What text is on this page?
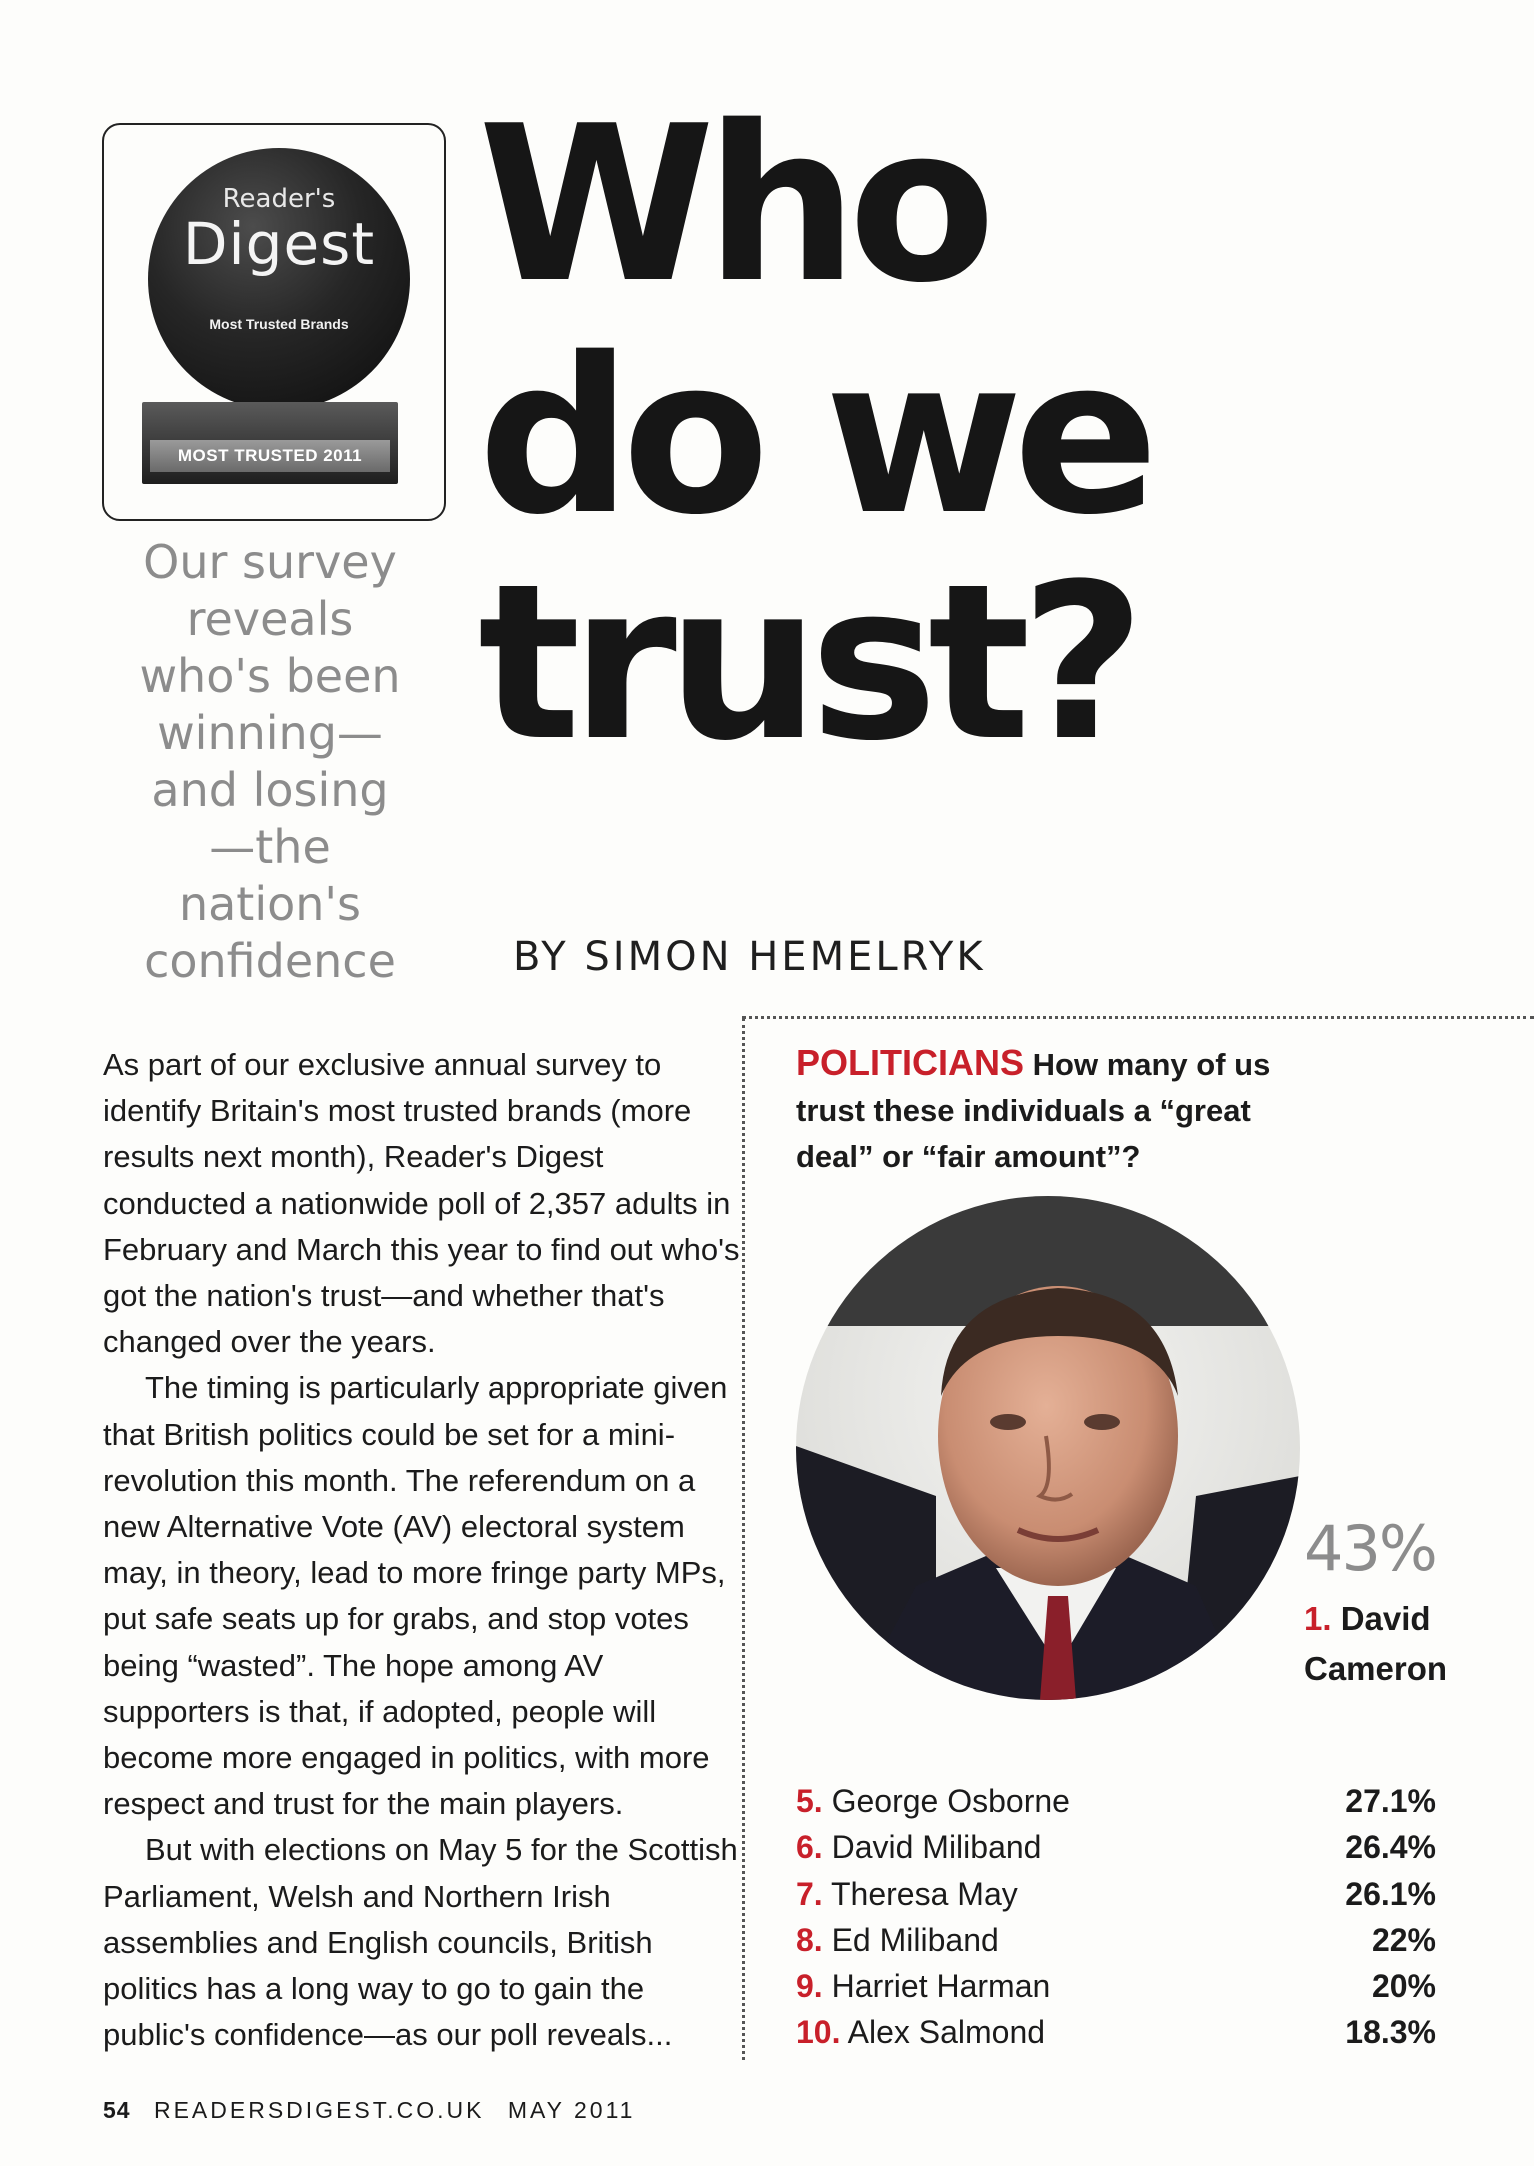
Reader's
Digest
Most Trusted Brands
MOST TRUSTED 2011
Who
do we
trust?
Our survey
reveals
who's been
winning—
and losing
—the
nation's
confidence	BY SIMON HEMELRYK

As part of our exclusive annual survey to identify Britain's most trusted brands (more results next month), Reader's Digest conducted a nationwide poll of 2,357 adults in February and March this year to find out who's got the nation's trust—and whether that's changed over the years.

The timing is particularly appropriate given that British politics could be set for a mini-revolution this month. The referendum on a new Alternative Vote (AV) electoral system may, in theory, lead to more fringe party MPs, put safe seats up for grabs, and stop votes being “wasted”. The hope among AV supporters is that, if adopted, people will become more engaged in politics, with more respect and trust for the main players.

But with elections on May 5 for the Scottish Parliament, Welsh and Northern Irish assemblies and English councils, British politics has a long way to go to gain the public's confidence—as our poll reveals...

POLITICIANS How many of us trust these individuals a “great deal” or “fair amount”?
43%
1. David
Cameron
5. George Osborne	27.1%
6. David Miliband	26.4%
7. Theresa May	26.1%
8. Ed Miliband	22%
9. Harriet Harman	20%
10. Alex Salmond	18.3%
54 READERSDIGEST.CO.UK MAY 2011
